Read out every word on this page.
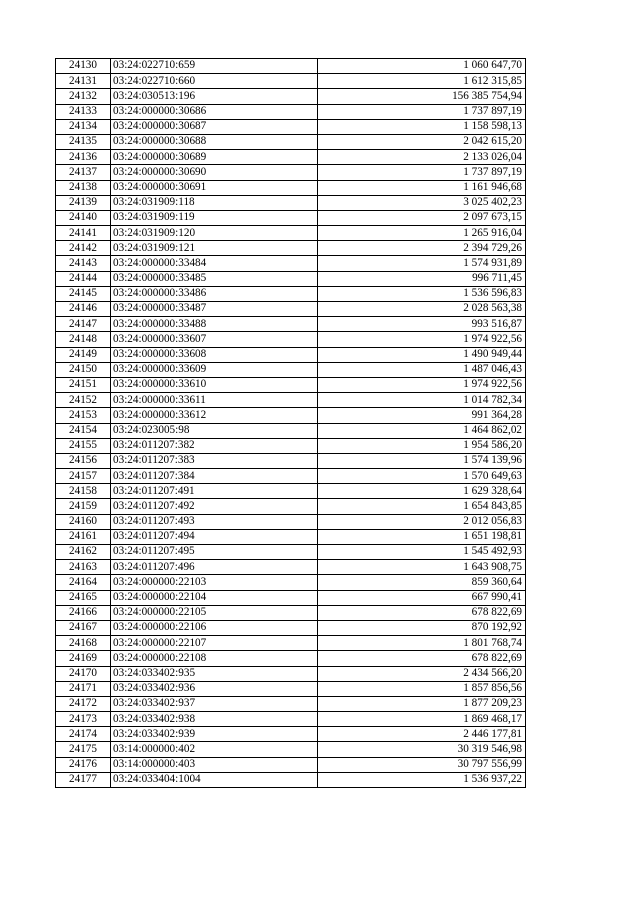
24130	03:24:022710:659	1 060 647,70
24131	03:24:022710:660	1 612 315,85
24132	03:24:030513:196	156 385 754,94
24133	03:24:000000:30686	1 737 897,19
24134	03:24:000000:30687	1 158 598,13
24135	03:24:000000:30688	2 042 615,20
24136	03:24:000000:30689	2 133 026,04
24137	03:24:000000:30690	1 737 897,19
24138	03:24:000000:30691	1 161 946,68
24139	03:24:031909:118	3 025 402,23
24140	03:24:031909:119	2 097 673,15
24141	03:24:031909:120	1 265 916,04
24142	03:24:031909:121	2 394 729,26
24143	03:24:000000:33484	1 574 931,89
24144	03:24:000000:33485	996 711,45
24145	03:24:000000:33486	1 536 596,83
24146	03:24:000000:33487	2 028 563,38
24147	03:24:000000:33488	993 516,87
24148	03:24:000000:33607	1 974 922,56
24149	03:24:000000:33608	1 490 949,44
24150	03:24:000000:33609	1 487 046,43
24151	03:24:000000:33610	1 974 922,56
24152	03:24:000000:33611	1 014 782,34
24153	03:24:000000:33612	991 364,28
24154	03:24:023005:98	1 464 862,02
24155	03:24:011207:382	1 954 586,20
24156	03:24:011207:383	1 574 139,96
24157	03:24:011207:384	1 570 649,63
24158	03:24:011207:491	1 629 328,64
24159	03:24:011207:492	1 654 843,85
24160	03:24:011207:493	2 012 056,83
24161	03:24:011207:494	1 651 198,81
24162	03:24:011207:495	1 545 492,93
24163	03:24:011207:496	1 643 908,75
24164	03:24:000000:22103	859 360,64
24165	03:24:000000:22104	667 990,41
24166	03:24:000000:22105	678 822,69
24167	03:24:000000:22106	870 192,92
24168	03:24:000000:22107	1 801 768,74
24169	03:24:000000:22108	678 822,69
24170	03:24:033402:935	2 434 566,20
24171	03:24:033402:936	1 857 856,56
24172	03:24:033402:937	1 877 209,23
24173	03:24:033402:938	1 869 468,17
24174	03:24:033402:939	2 446 177,81
24175	03:14:000000:402	30 319 546,98
24176	03:14:000000:403	30 797 556,99
24177	03:24:033404:1004	1 536 937,22
